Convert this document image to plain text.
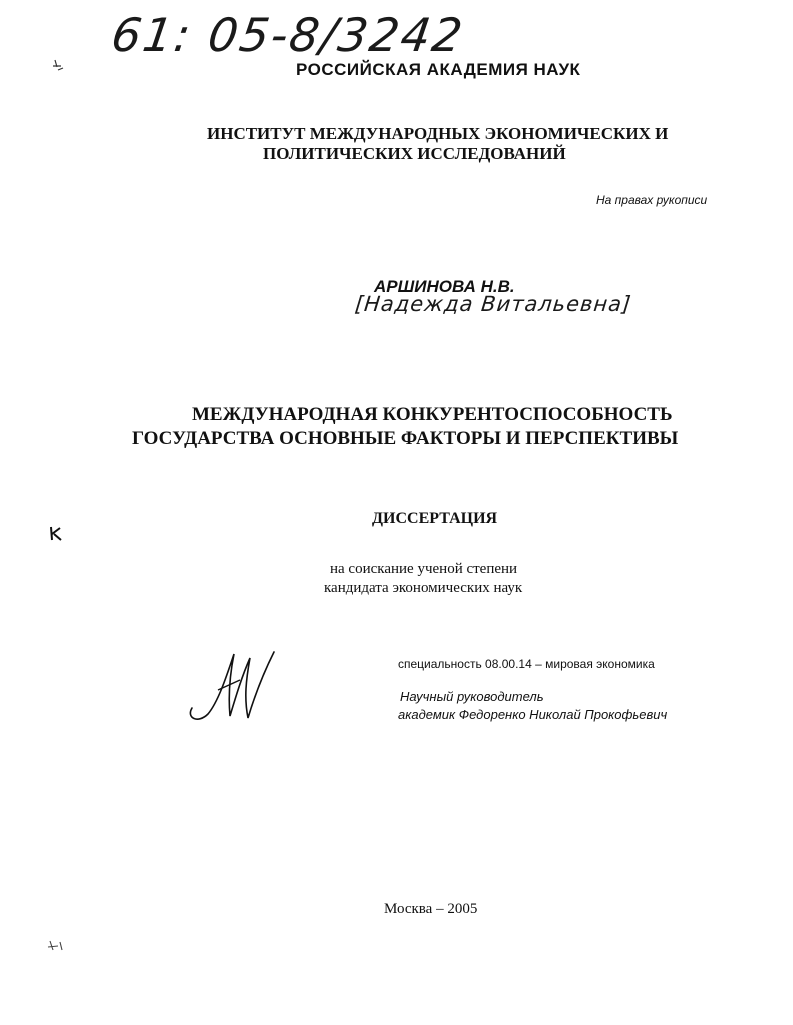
61: 05-8/3242

РОССИЙСКАЯ АКАДЕМИЯ НАУК

ИНСТИТУТ МЕЖДУНАРОДНЫХ ЭКОНОМИЧЕСКИХ И

ПОЛИТИЧЕСКИХ ИССЛЕДОВАНИЙ

На правах рукописи

АРШИНОВА Н.В.

[Надежда Витальевна]

МЕЖДУНАРОДНАЯ КОНКУРЕНТОСПОСОБНОСТЬ

ГОСУДАРСТВА ОСНОВНЫЕ ФАКТОРЫ И ПЕРСПЕКТИВЫ

ДИССЕРТАЦИЯ

на соискание ученой степени

кандидата экономических наук

специальность 08.00.14 – мировая экономика

Научный руководитель

академик Федоренко Николай Прокофьевич

Москва – 2005
